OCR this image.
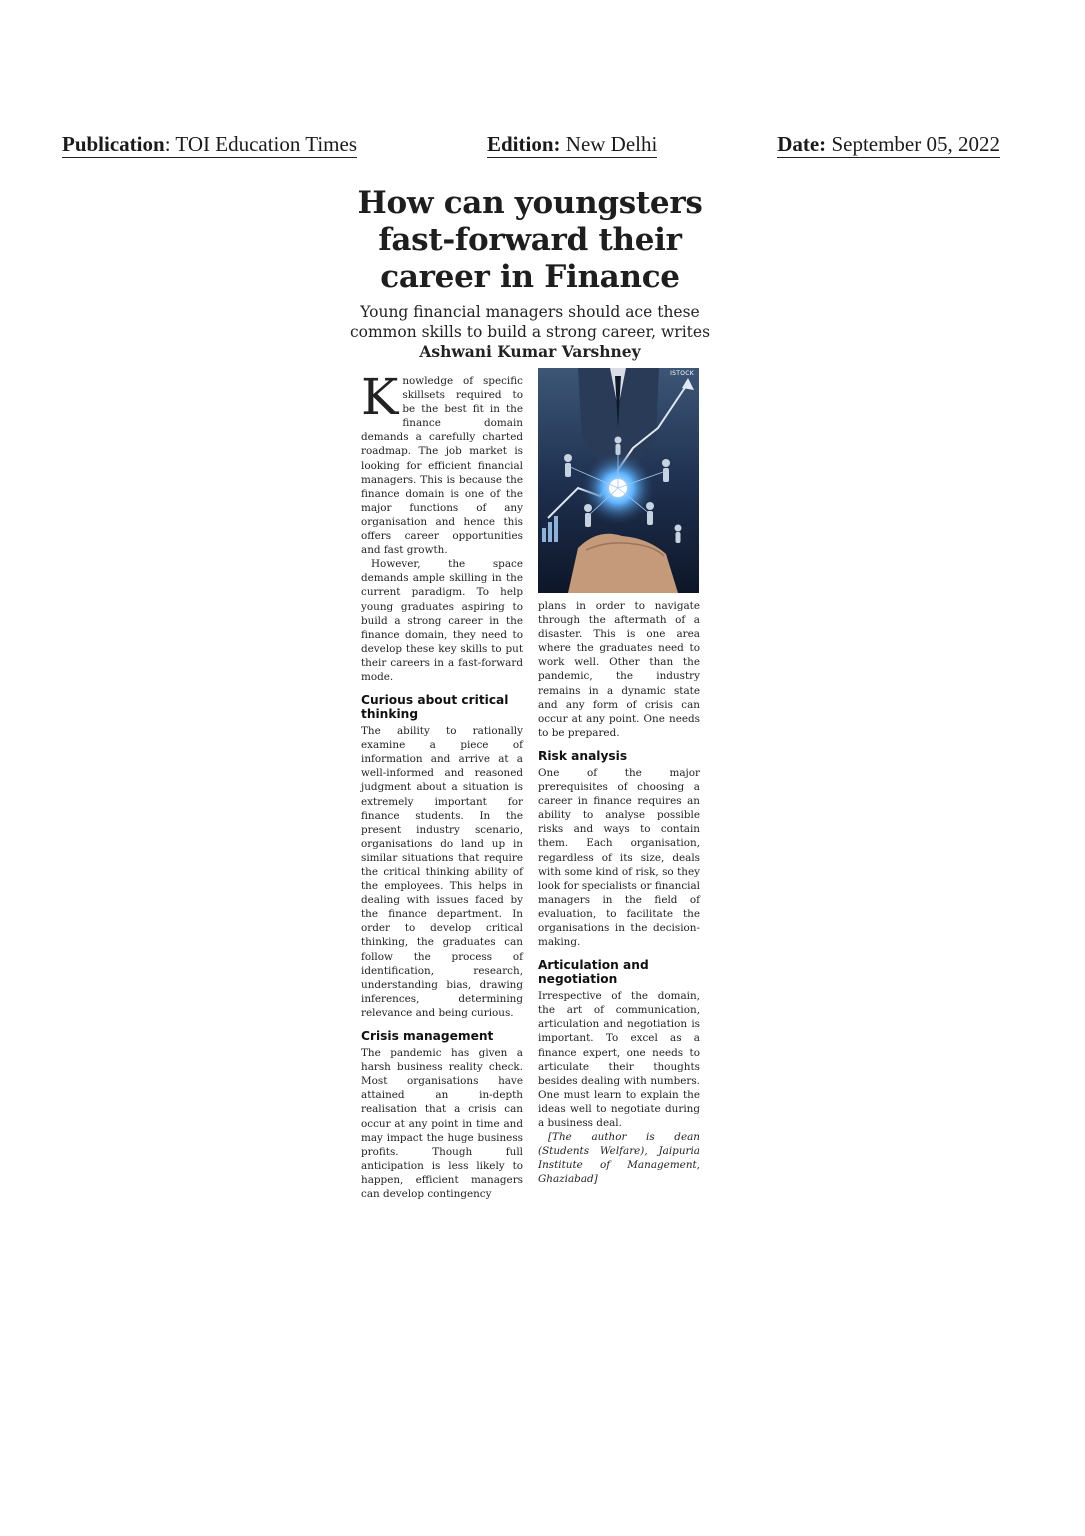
Publication: TOI Education Times	Edition: New Delhi	Date: September 05, 2022
How can youngsters fast-forward their career in Finance
Young financial managers should ace these common skills to build a strong career, writes Ashwani Kumar Varshney

Knowledge of specific skillsets required to be the best fit in the finance domain demands a carefully charted roadmap. The job market is looking for efficient financial managers. This is because the finance domain is one of the major functions of any organisation and hence this offers career opportunities and fast growth.

However, the space demands ample skilling in the current paradigm. To help young graduates aspiring to build a strong career in the finance domain, they need to develop these key skills to put their careers in a fast-forward mode.

Curious about critical thinking

The ability to rationally examine a piece of information and arrive at a well-informed and reasoned judgment about a situation is extremely important for finance students. In the present industry scenario, organisations do land up in similar situations that require the critical thinking ability of the employees. This helps in dealing with issues faced by the finance department. In order to develop critical thinking, the graduates can follow the process of identification, research, understanding bias, drawing inferences, determining relevance and being curious.

Crisis management

The pandemic has given a harsh business reality check. Most organisations have attained an in-depth realisation that a crisis can occur at any point in time and may impact the huge business profits. Though full anticipation is less likely to happen, efficient managers can develop contingency

ISTOCK

plans in order to navigate through the aftermath of a disaster. This is one area where the graduates need to work well. Other than the pandemic, the industry remains in a dynamic state and any form of crisis can occur at any point. One needs to be prepared.

Risk analysis

One of the major prerequisites of choosing a career in finance requires an ability to analyse possible risks and ways to contain them. Each organisation, regardless of its size, deals with some kind of risk, so they look for specialists or financial managers in the field of evaluation, to facilitate the organisations in the decision-making.

Articulation and negotiation

Irrespective of the domain, the art of communication, articulation and negotiation is important. To excel as a finance expert, one needs to articulate their thoughts besides dealing with numbers. One must learn to explain the ideas well to negotiate during a business deal.

[The author is dean (Students Welfare), Jaipuria Institute of Management, Ghaziabad]
